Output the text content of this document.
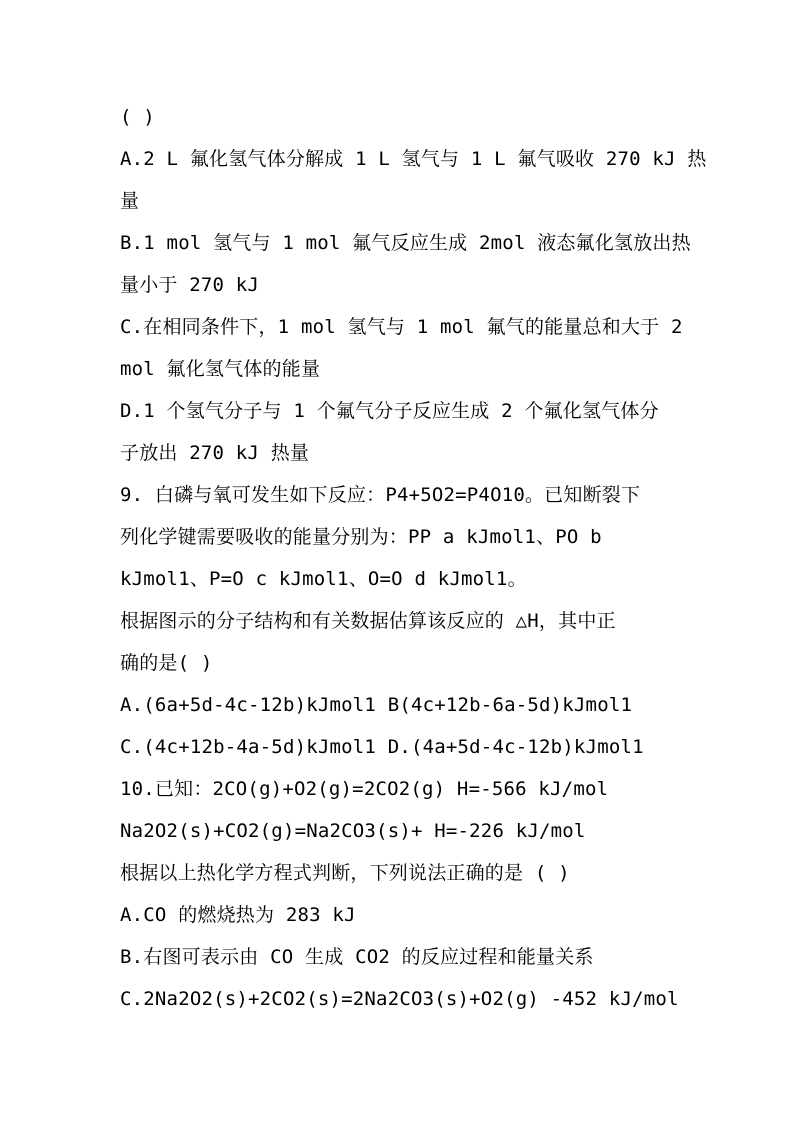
( )
A.2 L 氟化氢气体分解成 1 L 氢气与 1 L 氟气吸收 270 kJ 热
量
B.1 mol 氢气与 1 mol 氟气反应生成 2mol 液态氟化氢放出热
量小于 270 kJ
C.在相同条件下，1 mol 氢气与 1 mol 氟气的能量总和大于 2
mol 氟化氢气体的能量
D.1 个氢气分子与 1 个氟气分子反应生成 2 个氟化氢气体分
子放出 270 kJ 热量
9. 白磷与氧可发生如下反应：P4+5O2=P4O10。已知断裂下
列化学键需要吸收的能量分别为：PP a kJmol1、PO b
kJmol1、P=O c kJmol1、O=O d kJmol1。
根据图示的分子结构和有关数据估算该反应的 △H，其中正
确的是( )
A.(6a+5d-4c-12b)kJmol1 B(4c+12b-6a-5d)kJmol1
C.(4c+12b-4a-5d)kJmol1 D.(4a+5d-4c-12b)kJmol1
10.已知：2CO(g)+O2(g)=2CO2(g) H=-566 kJ/mol
Na2O2(s)+CO2(g)=Na2CO3(s)+ H=-226 kJ/mol
根据以上热化学方程式判断，下列说法正确的是 ( )
A.CO 的燃烧热为 283 kJ
B.右图可表示由 CO 生成 CO2 的反应过程和能量关系
C.2Na2O2(s)+2CO2(s)=2Na2CO3(s)+O2(g) -452 kJ/mol
